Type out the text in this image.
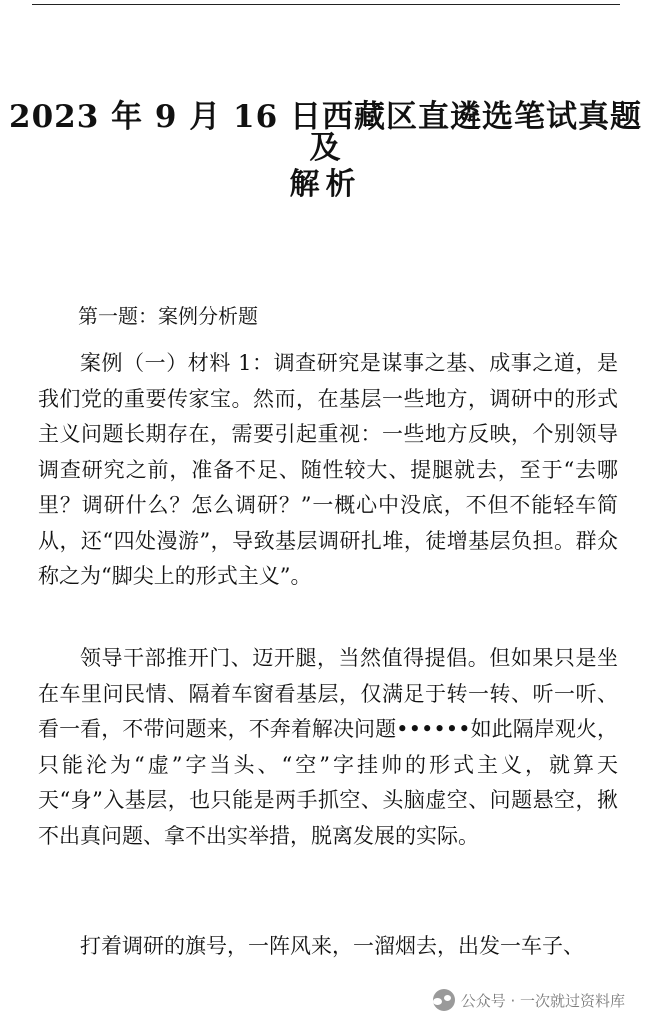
2023 年 9 月 16 日西藏区直遴选笔试真题及
解析
第一题：案例分析题

案例（一）材料 1：调查研究是谋事之基、成事之道，是我们党的重要传家宝。然而，在基层一些地方，调研中的形式主义问题长期存在，需要引起重视：一些地方反映，个别领导调查研究之前，准备不足、随性较大、提腿就去，至于“去哪里？调研什么？怎么调研？”一概心中没底，不但不能轻车简从，还“四处漫游”，导致基层调研扎堆，徒增基层负担。群众称之为“脚尖上的形式主义”。

领导干部推开门、迈开腿，当然值得提倡。但如果只是坐在车里问民情、隔着车窗看基层，仅满足于转一转、听一听、看一看，不带问题来，不奔着解决问题••••••如此隔岸观火，只能沦为“虚”字当头、“空”字挂帅的形式主义，就算天天“身”入基层，也只能是两手抓空、头脑虚空、问题悬空，揪不出真问题、拿不出实举措，脱离发展的实际。

打着调研的旗号，一阵风来，一溜烟去，出发一车子、

公众号 · 一次就过资料库
